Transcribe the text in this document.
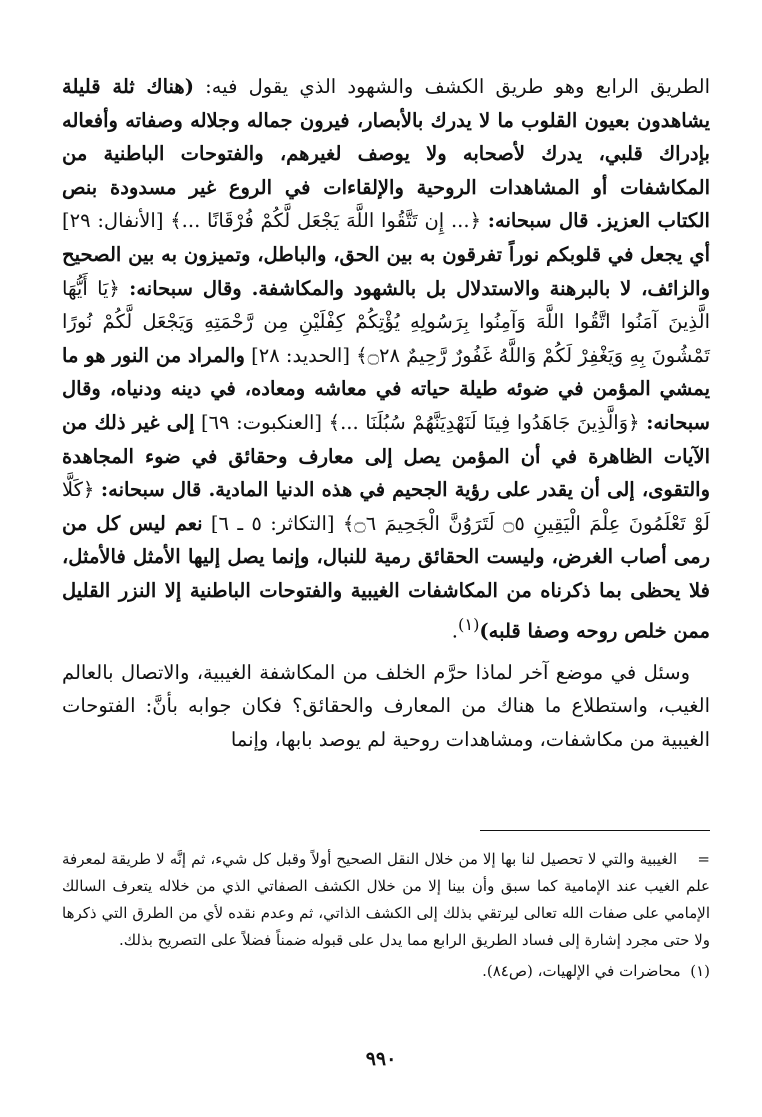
الطريق الرابع وهو طريق الكشف والشهود الذي يقول فيه: (هناك ثلة قليلة يشاهدون بعيون القلوب ما لا يدرك بالأبصار، فيرون جماله وجلاله وصفاته وأفعاله بإدراك قلبي، يدرك لأصحابه ولا يوصف لغيرهم، والفتوحات الباطنية من المكاشفات أو المشاهدات الروحية والإلقاءات في الروع غير مسدودة بنص الكتاب العزيز. قال سبحانه: ﴿... إِن تَتَّقُوا اللَّهَ يَجْعَل لَّكُمْ فُرْقَانًا ...﴾ [الأنفال: ٢٩] أي يجعل في قلوبكم نوراً تفرقون به بين الحق، والباطل، وتميزون به بين الصحيح والزائف، لا بالبرهنة والاستدلال بل بالشهود والمكاشفة. وقال سبحانه: ﴿يَا أَيُّهَا الَّذِينَ آمَنُوا اتَّقُوا اللَّهَ وَآمِنُوا بِرَسُولِهِ يُؤْتِكُمْ كِفْلَيْنِ مِن رَّحْمَتِهِ وَيَجْعَل لَّكُمْ نُورًا تَمْشُونَ بِهِ وَيَغْفِرْ لَكُمْ وَاللَّهُ غَفُورٌ رَّحِيمٌ ۝٢٨﴾ [الحديد: ٢٨] والمراد من النور هو ما يمشي المؤمن في ضوئه طيلة حياته في معاشه ومعاده، في دينه ودنياه، وقال سبحانه: ﴿وَالَّذِينَ جَاهَدُوا فِينَا لَنَهْدِيَنَّهُمْ سُبُلَنَا ...﴾ [العنكبوت: ٦٩] إلى غير ذلك من الآيات الظاهرة في أن المؤمن يصل إلى معارف وحقائق في ضوء المجاهدة والتقوى، إلى أن يقدر على رؤية الجحيم في هذه الدنيا المادية. قال سبحانه: ﴿كَلَّا لَوْ تَعْلَمُونَ عِلْمَ الْيَقِينِ ۝٥ لَتَرَوُنَّ الْجَحِيمَ ۝٦﴾ [التكاثر: ٥ ـ ٦] نعم ليس كل من رمى أصاب الغرض، وليست الحقائق رمية للنبال، وإنما يصل إليها الأمثل فالأمثل، فلا يحظى بما ذكرناه من المكاشفات الغيبية والفتوحات الباطنية إلا النزر القليل ممن خلص روحه وصفا قلبه)$^{(١)}$.

وسئل في موضع آخر لماذا حرَّم الخلف من المكاشفة الغيبية، والاتصال بالعالم الغيب، واستطلاع ما هناك من المعارف والحقائق؟ فكان جوابه بأنَّ: الفتوحات الغيبية من مكاشفات، ومشاهدات روحية لم يوصد بابها، وإنما

=    الغيبية والتي لا تحصيل لنا بها إلا من خلال النقل الصحيح أولاً وقبل كل شيء، ثم إنَّه لا طريقة لمعرفة علم الغيب عند الإمامية كما سبق وأن بينا إلا من خلال الكشف الصفاتي الذي من خلاله يتعرف السالك الإمامي على صفات الله تعالى ليرتقي بذلك إلى الكشف الذاتي، ثم وعدم نقده لأي من الطرق التي ذكرها ولا حتى مجرد إشارة إلى فساد الطريق الرابع مما يدل على قبوله ضمناً فضلاً على التصريح بذلك.

(١)  محاضرات في الإلهيات، (ص٨٤).

٩٩٠
